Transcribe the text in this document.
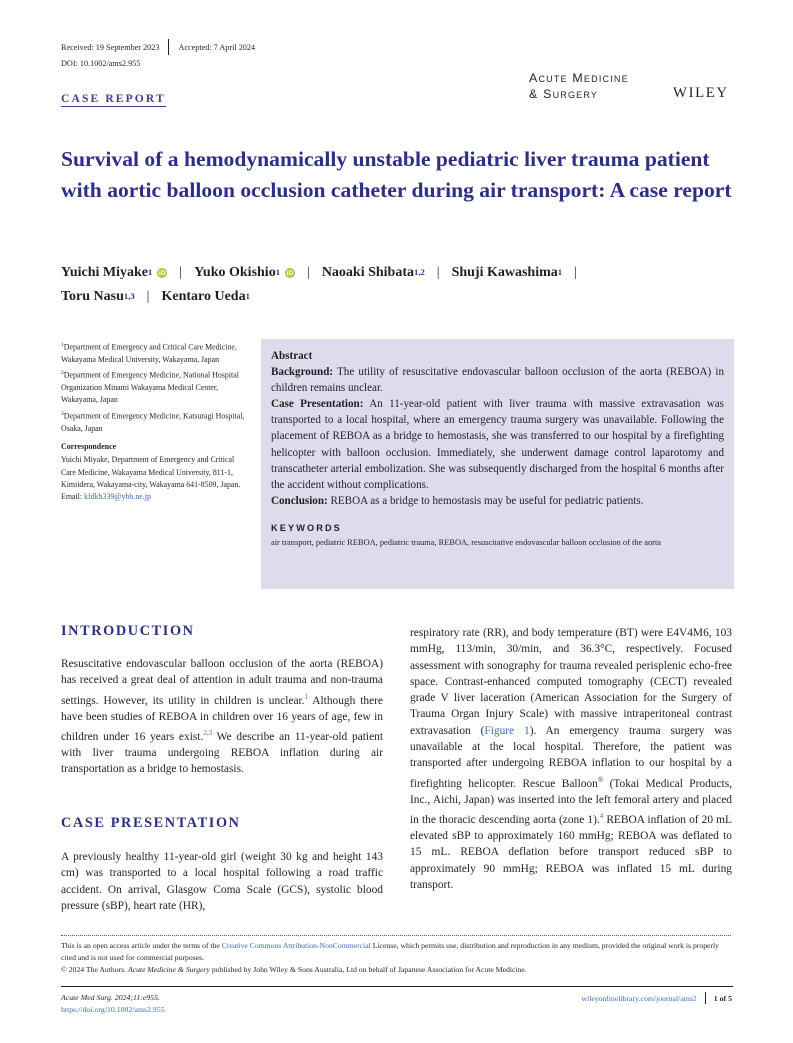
Received: 19 September 2023 Accepted: 7 April 2024
DOI: 10.1002/ams2.955
Acute Medicine
& Surgery	WILEY
CASE REPORT
Survival of a hemodynamically unstable pediatric liver trauma patient with aortic balloon occlusion catheter during air transport: A case report
Yuichi Miyake$^1$ iD | Yuko Okishio$^1$ iD | Naoaki Shibata$^{1,2}$ | Shuji Kawashima$^1$ |
Toru Nasu$^{1,3}$ | Kentaro Ueda$^1$

$^1$Department of Emergency and Critical Care Medicine, Wakayama Medical University, Wakayama, Japan

$^2$Department of Emergency Medicine, National Hospital Organization Minami Wakayama Medical Center, Wakayama, Japan

$^3$Department of Emergency Medicine, Katsuragi Hospital, Osaka, Japan

Correspondence

Yuichi Miyake, Department of Emergency and Critical Care Medicine, Wakayama Medical University, 811-1, Kimiidera, Wakayama-city, Wakayama 641-8509, Japan.
Email: kfdkh339@ybb.ne.jp

Abstract
Background: The utility of resuscitative endovascular balloon occlusion of the aorta (REBOA) in children remains unclear.
Case Presentation: An 11-year-old patient with liver trauma with massive extravasation was transported to a local hospital, where an emergency trauma surgery was unavailable. Following the placement of REBOA as a bridge to hemostasis, she was transferred to our hospital by a firefighting helicopter with balloon occlusion. Immediately, she underwent damage control laparotomy and transcatheter arterial embolization. She was subsequently discharged from the hospital 6 months after the accident without complications.
Conclusion: REBOA as a bridge to hemostasis may be useful for pediatric patients.
KEYWORDS
air transport, pediatric REBOA, pediatric trauma, REBOA, resuscitative endovascular balloon occlusion of the aorta
INTRODUCTION
Resuscitative endovascular balloon occlusion of the aorta (REBOA) has received a great deal of attention in adult trauma and non-trauma settings. However, its utility in children is unclear.$^1$ Although there have been studies of REBOA in children over 16 years of age, few in children under 16 years exist.$^{2,3}$ We describe an 11-year-old patient with liver trauma undergoing REBOA inflation during air transportation as a bridge to hemostasis.
CASE PRESENTATION
A previously healthy 11-year-old girl (weight 30 kg and height 143 cm) was transported to a local hospital following a road traffic accident. On arrival, Glasgow Coma Scale (GCS), systolic blood pressure (sBP), heart rate (HR),
respiratory rate (RR), and body temperature (BT) were E4V4M6, 103 mmHg, 113/min, 30/min, and 36.3°C, respectively. Focused assessment with sonography for trauma revealed perisplenic echo-free space. Contrast-enhanced computed tomography (CECT) revealed grade V liver laceration (American Association for the Surgery of Trauma Organ Injury Scale) with massive intraperitoneal contrast extravasation (Figure 1). An emergency trauma surgery was unavailable at the local hospital. Therefore, the patient was transported after undergoing REBOA inflation to our hospital by a firefighting helicopter. Rescue Balloon® (Tokai Medical Products, Inc., Aichi, Japan) was inserted into the left femoral artery and placed in the thoracic descending aorta (zone 1).$^4$ REBOA inflation of 20 mL elevated sBP to approximately 160 mmHg; REBOA was deflated to 15 mL. REBOA deflation before transport reduced sBP to approximately 90 mmHg; REBOA was inflated 15 mL during transport.
This is an open access article under the terms of the Creative Commons Attribution-NonCommercial License, which permits use, distribution and reproduction in any medium, provided the original work is properly cited and is not used for commercial purposes.
© 2024 The Authors. Acute Medicine & Surgery published by John Wiley & Sons Australia, Ltd on behalf of Japanese Association for Acute Medicine.
Acute Med Surg. 2024;11:e955.
https://doi.org/10.1002/ams2.955
wileyonlinelibrary.com/journal/ams2 1 of 5
